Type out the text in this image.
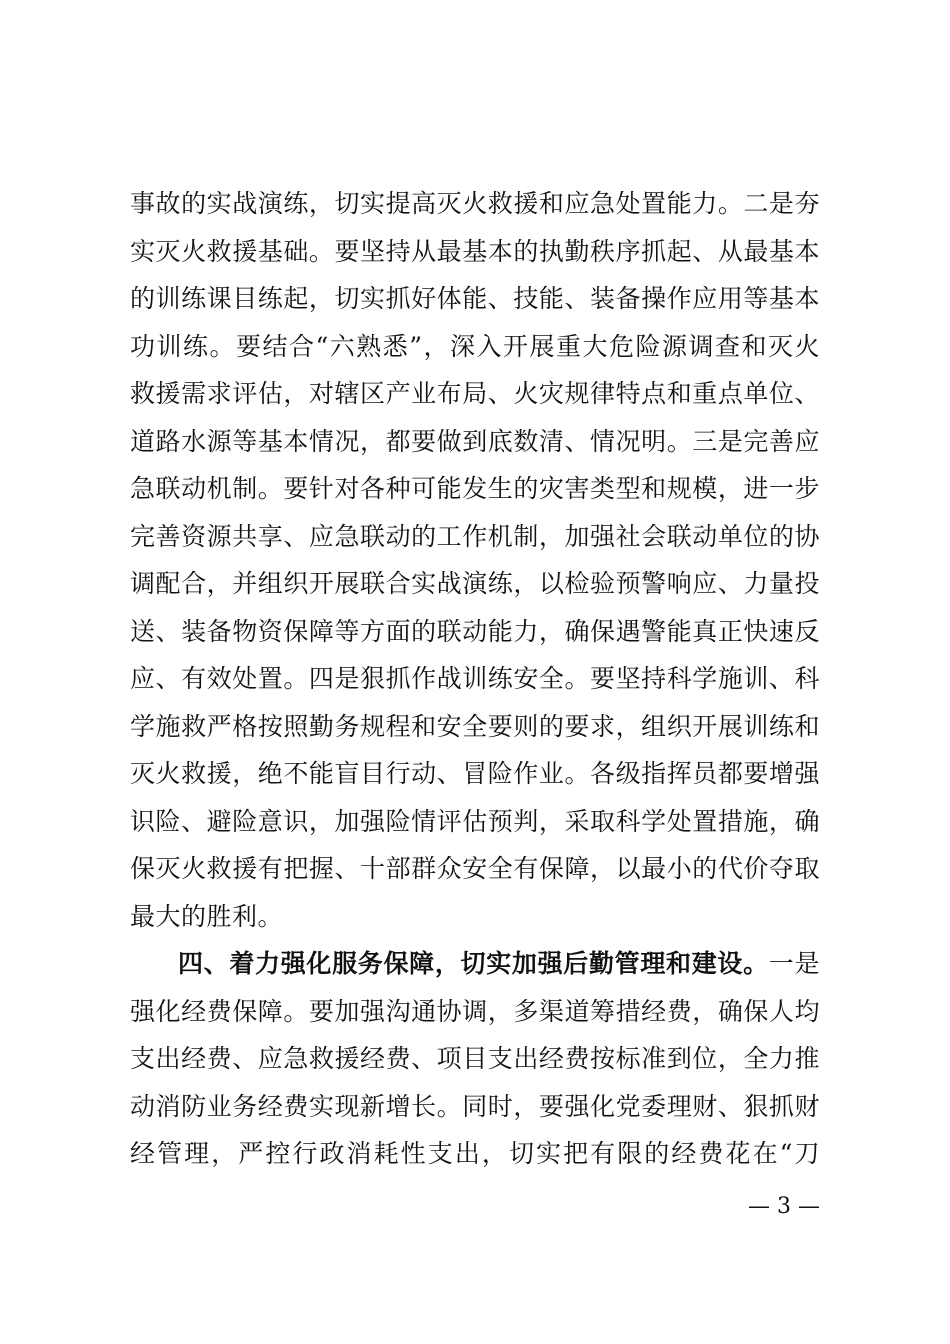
事故的实战演练，切实提高灭火救援和应急处置能力。二是夯
实灭火救援基础。要坚持从最基本的执勤秩序抓起、从最基本
的训练课目练起，切实抓好体能、技能、装备操作应用等基本
功训练。要结合“六熟悉”，深入开展重大危险源调查和灭火
救援需求评估，对辖区产业布局、火灾规律特点和重点单位、
道路水源等基本情况，都要做到底数清、情况明。三是完善应
急联动机制。要针对各种可能发生的灾害类型和规模，进一步
完善资源共享、应急联动的工作机制，加强社会联动单位的协
调配合，并组织开展联合实战演练，以检验预警响应、力量投
送、装备物资保障等方面的联动能力，确保遇警能真正快速反
应、有效处置。四是狠抓作战训练安全。要坚持科学施训、科
学施救严格按照勤务规程和安全要则的要求，组织开展训练和
灭火救援，绝不能盲目行动、冒险作业。各级指挥员都要增强
识险、避险意识，加强险情评估预判，采取科学处置措施，确
保灭火救援有把握、十部群众安全有保障，以最小的代价夺取
最大的胜利。
四、着力强化服务保障，切实加强后勤管理和建设。一是
强化经费保障。要加强沟通协调，多渠道筹措经费，确保人均
支出经费、应急救援经费、项目支出经费按标准到位，全力推
动消防业务经费实现新增长。同时，要强化党委理财、狠抓财
经管理，严控行政消耗性支出，切实把有限的经费花在“刀
— 3 —
